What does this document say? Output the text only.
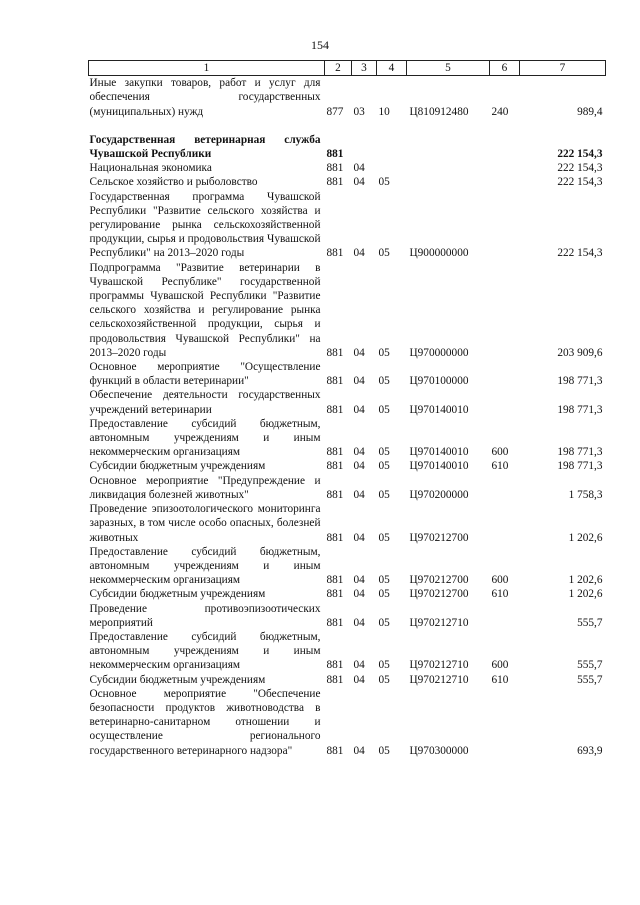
154
1	2	3	4	5	6	7
Иные закупки товаров, работ и услуг для обеспечения государственных (муниципальных) нужд	877	03	10	Ц810912480	240	989,4

Государственная ветеринарная служба Чувашской Республики	881					222 154,3
Национальная экономика	881	04				222 154,3
Сельское хозяйство и рыболовство	881	04	05			222 154,3
Государственная программа Чувашской Республики "Развитие сельского хозяйства и регулирование рынка сельскохозяйственной продукции, сырья и продовольствия Чувашской Республики" на 2013–2020 годы	881	04	05	Ц900000000		222 154,3
Подпрограмма "Развитие ветеринарии в Чувашской Республике" государственной программы Чувашской Республики "Развитие сельского хозяйства и регулирование рынка сельскохозяйственной продукции, сырья и продовольствия Чувашской Республики" на 2013–2020 годы	881	04	05	Ц970000000		203 909,6
Основное мероприятие "Осуществление функций в области ветеринарии"	881	04	05	Ц970100000		198 771,3
Обеспечение деятельности государственных учреждений ветеринарии	881	04	05	Ц970140010		198 771,3
Предоставление субсидий бюджетным, автономным учреждениям и иным некоммерческим организациям	881	04	05	Ц970140010	600	198 771,3
Субсидии бюджетным учреждениям	881	04	05	Ц970140010	610	198 771,3
Основное мероприятие "Предупреждение и ликвидация болезней животных"	881	04	05	Ц970200000		1 758,3
Проведение эпизоотологического мониторинга заразных, в том числе особо опасных, болезней животных	881	04	05	Ц970212700		1 202,6
Предоставление субсидий бюджетным, автономным учреждениям и иным некоммерческим организациям	881	04	05	Ц970212700	600	1 202,6
Субсидии бюджетным учреждениям	881	04	05	Ц970212700	610	1 202,6
Проведение противоэпизоотических мероприятий	881	04	05	Ц970212710		555,7
Предоставление субсидий бюджетным, автономным учреждениям и иным некоммерческим организациям	881	04	05	Ц970212710	600	555,7
Субсидии бюджетным учреждениям	881	04	05	Ц970212710	610	555,7
Основное мероприятие "Обеспечение безопасности продуктов животноводства в ветеринарно-санитарном отношении и осуществление регионального государственного ветеринарного надзора"	881	04	05	Ц970300000		693,9
